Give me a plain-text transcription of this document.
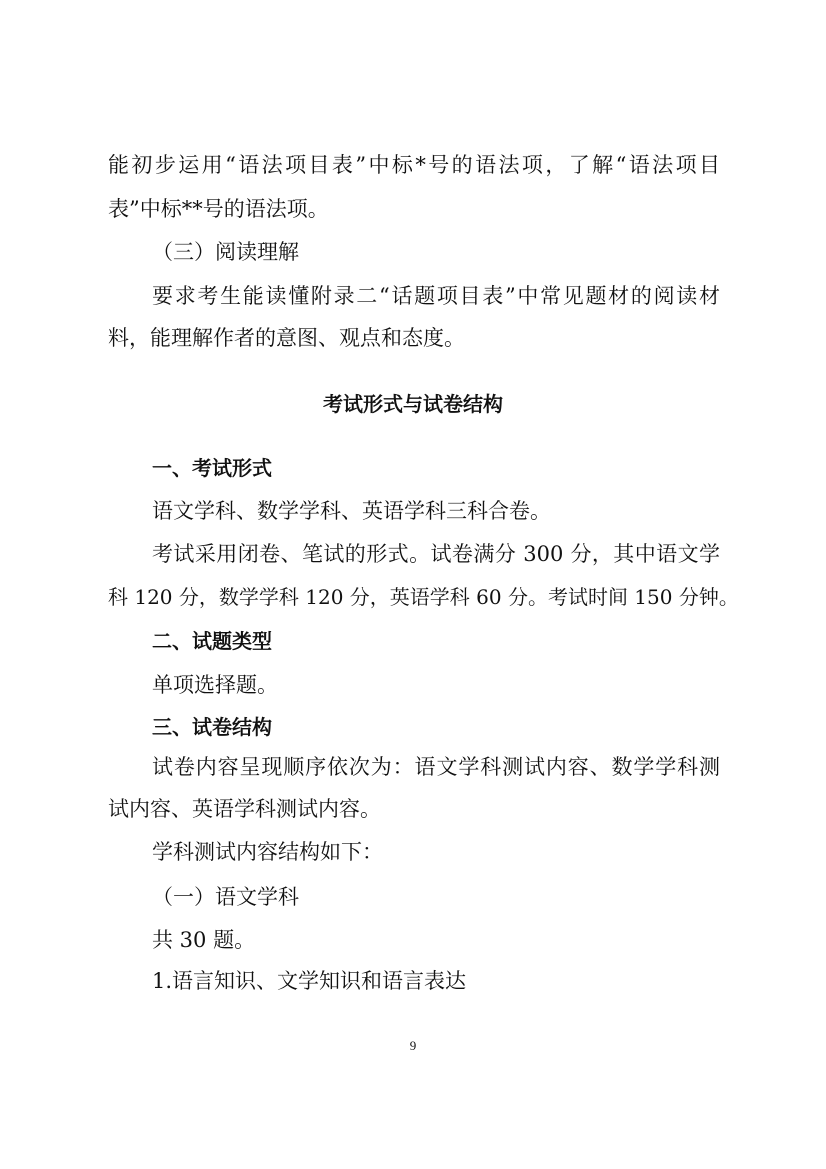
能初步运用“语法项目表”中标*号的语法项，了解“语法项目
表”中标**号的语法项。
（三）阅读理解
要求考生能读懂附录二“话题项目表”中常见题材的阅读材
料，能理解作者的意图、观点和态度。
考试形式与试卷结构
一、考试形式
语文学科、数学学科、英语学科三科合卷。
考试采用闭卷、笔试的形式。试卷满分 300 分，其中语文学
科 120 分，数学学科 120 分，英语学科 60 分。考试时间 150 分钟。
二、试题类型
单项选择题。
三、试卷结构
试卷内容呈现顺序依次为：语文学科测试内容、数学学科测
试内容、英语学科测试内容。
学科测试内容结构如下：
（一）语文学科
共 30 题。
1.语言知识、文学知识和语言表达
9
